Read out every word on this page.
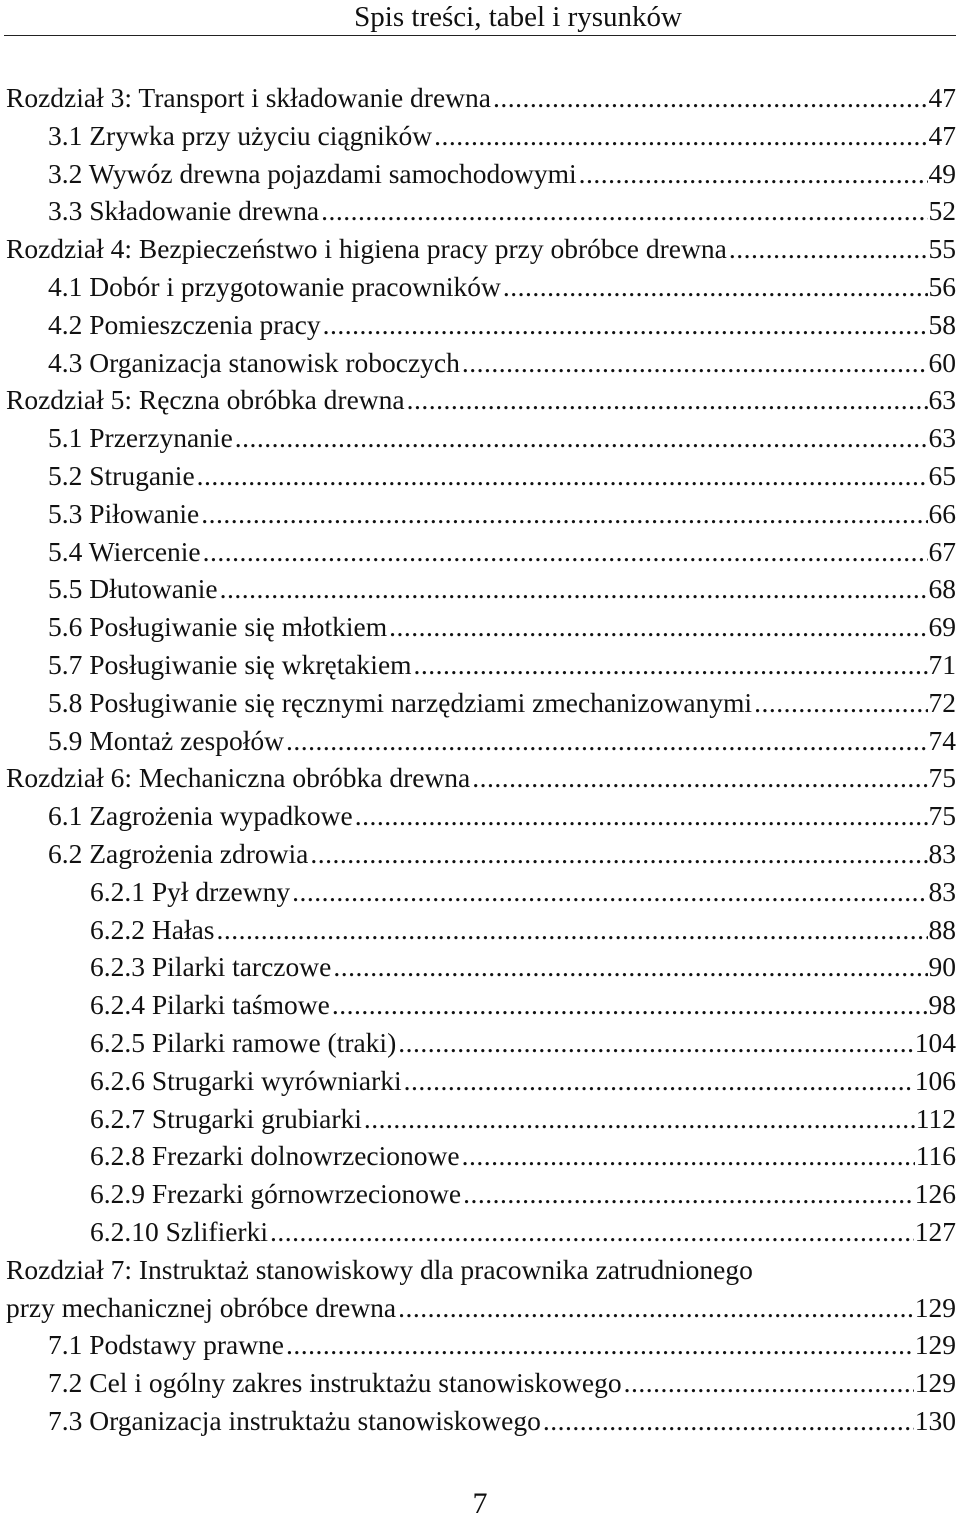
Spis treści, tabel i rysunków
Rozdział 3: Transport i składowanie drewna .....	47
3.1 Zrywka przy użyciu ciągników .....	47
3.2 Wywóz drewna pojazdami samochodowymi .....	49
3.3 Składowanie drewna .....	52
Rozdział 4: Bezpieczeństwo i higiena pracy przy obróbce drewna .....	55
4.1 Dobór i przygotowanie pracowników .....	56
4.2 Pomieszczenia pracy .....	58
4.3 Organizacja stanowisk roboczych .....	60
Rozdział 5: Ręczna obróbka drewna .....	63
5.1 Przerzynanie .....	63
5.2 Struganie .....	65
5.3 Piłowanie .....	66
5.4 Wiercenie .....	67
5.5 Dłutowanie .....	68
5.6 Posługiwanie się młotkiem .....	69
5.7 Posługiwanie się wkrętakiem .....	71
5.8 Posługiwanie się ręcznymi narzędziami zmechanizowanymi .....	72
5.9 Montaż zespołów .....	74
Rozdział 6: Mechaniczna obróbka drewna .....	75
6.1 Zagrożenia wypadkowe .....	75
6.2 Zagrożenia zdrowia .....	83
6.2.1 Pył drzewny .....	83
6.2.2 Hałas .....	88
6.2.3 Pilarki tarczowe .....	90
6.2.4 Pilarki taśmowe .....	98
6.2.5 Pilarki ramowe (traki) .....	104
6.2.6 Strugarki wyrówniarki .....	106
6.2.7 Strugarki grubiarki .....	112
6.2.8 Frezarki dolnowrzecionowe .....	116
6.2.9 Frezarki górnowrzecionowe .....	126
6.2.10 Szlifierki .....	127
Rozdział 7: Instruktaż stanowiskowy dla pracownika zatrudnionego
przy mechanicznej obróbce drewna .....	129
7.1 Podstawy prawne .....	129
7.2 Cel i ogólny zakres instruktażu stanowiskowego .....	129
7.3 Organizacja instruktażu stanowiskowego .....	130
7
